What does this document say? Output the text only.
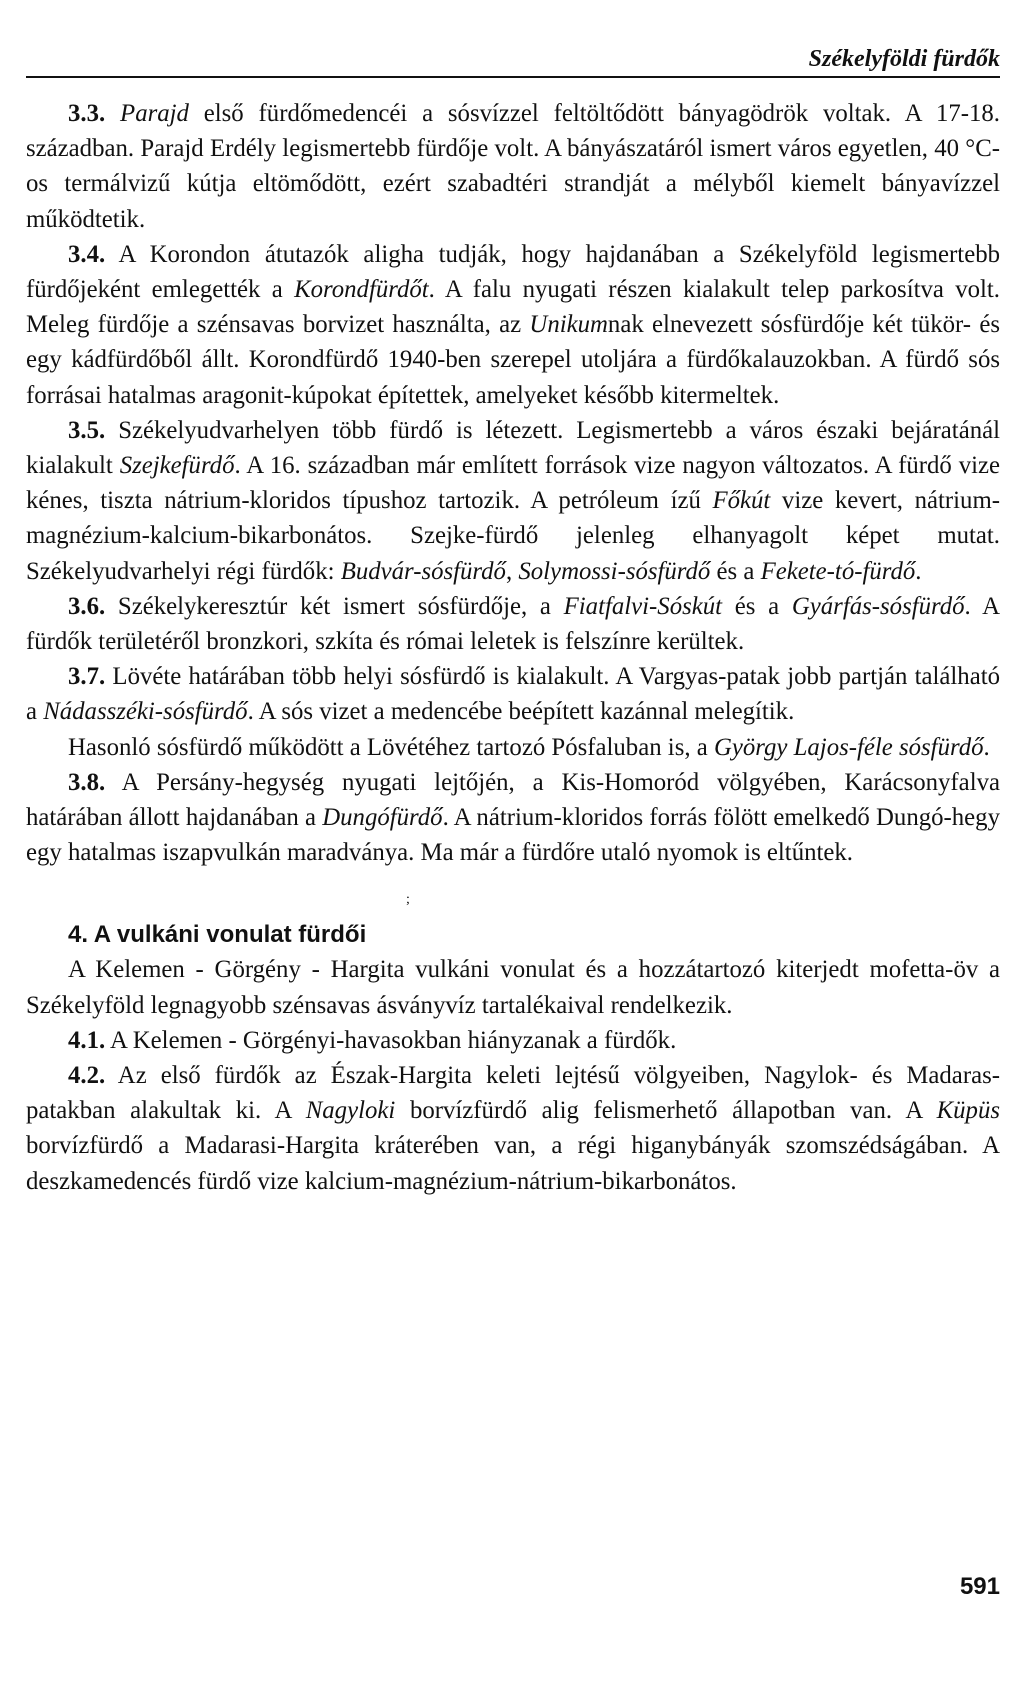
Székelyföldi fürdők

3.3. Parajd első fürdőmedencéi a sósvízzel feltöltődött bányagödrök voltak. A 17-18. században. Parajd Erdély legismertebb fürdője volt. A bányászatáról ismert város egyetlen, 40 °C-os termálvizű kútja eltömődött, ezért szabadtéri strandját a mélyből kiemelt bányavízzel működtetik.

3.4. A Korondon átutazók aligha tudják, hogy hajdanában a Székelyföld legismertebb fürdőjeként emlegették a Korondfürdőt. A falu nyugati részen kialakult telep parkosítva volt. Meleg fürdője a szénsavas borvizet használta, az Unikumnak elnevezett sósfürdője két tükör- és egy kádfürdőből állt. Korondfürdő 1940-ben szerepel utoljára a fürdőkalauzokban. A fürdő sós forrásai hatalmas aragonit-kúpokat építettek, amelyeket később kitermeltek.

3.5. Székelyudvarhelyen több fürdő is létezett. Legismertebb a város északi bejáratánál kialakult Szejkefürdő. A 16. században már említett források vize nagyon változatos. A fürdő vize kénes, tiszta nátrium-kloridos típushoz tartozik. A petróleum ízű Főkút vize kevert, nátrium-magnézium-kalcium-bikarbonátos. Szejke-fürdő jelenleg elhanyagolt képet mutat. Székelyudvarhelyi régi fürdők: Budvár-sósfürdő, Solymossi-sósfürdő és a Fekete-tó-fürdő.

3.6. Székelykeresztúr két ismert sósfürdője, a Fiatfalvi-Sóskút és a Gyárfás-sósfürdő. A fürdők területéről bronzkori, szkíta és római leletek is felszínre kerültek.

3.7. Lövéte határában több helyi sósfürdő is kialakult. A Vargyas-patak jobb partján található a Nádasszéki-sósfürdő. A sós vizet a medencébe beépített kazánnal melegítik.

Hasonló sósfürdő működött a Lövétéhez tartozó Pósfaluban is, a György Lajos-féle sósfürdő.

3.8. A Persány-hegység nyugati lejtőjén, a Kis-Homoród völgyében, Karácsonyfalva határában állott hajdanában a Dungófürdő. A nátrium-kloridos forrás fölött emelkedő Dungó-hegy egy hatalmas iszapvulkán maradványa. Ma már a fürdőre utaló nyomok is eltűntek.

;

4. A vulkáni vonulat fürdői

A Kelemen - Görgény - Hargita vulkáni vonulat és a hozzátartozó kiterjedt mofetta-öv a Székelyföld legnagyobb szénsavas ásványvíz tartalékaival rendelkezik.

4.1. A Kelemen - Görgényi-havasokban hiányzanak a fürdők.

4.2. Az első fürdők az Észak-Hargita keleti lejtésű völgyeiben, Nagylok- és Madaras-patakban alakultak ki. A Nagyloki borvízfürdő alig felismerhető állapotban van. A Küpüs borvízfürdő a Madarasi-Hargita kráterében van, a régi higanybányák szomszédságában. A deszkamedencés fürdő vize kalcium-magnézium-nátrium-bikarbonátos.

591
